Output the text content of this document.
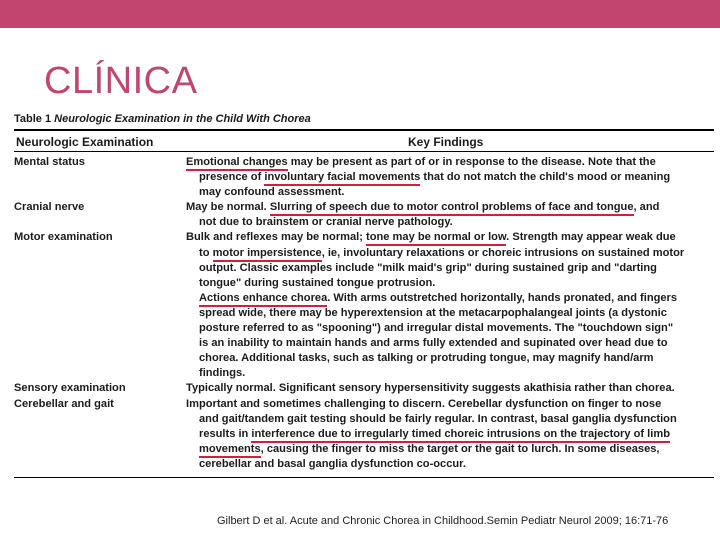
CLÍNICA
Table 1 Neurologic Examination in the Child With Chorea
Neurologic Examination	Key Findings
Mental status	Emotional changes may be present as part of or in response to the disease. Note that the
presence of involuntary facial movements that do not match the child's mood or meaning
may confound assessment.
Cranial nerve	May be normal. Slurring of speech due to motor control problems of face and tongue, and
not due to brainstem or cranial nerve pathology.
Motor examination	Bulk and reflexes may be normal; tone may be normal or low. Strength may appear weak due
to motor impersistence, ie, involuntary relaxations or choreic intrusions on sustained motor
output. Classic examples include "milk maid's grip" during sustained grip and "darting
tongue" during sustained tongue protrusion.
Actions enhance chorea. With arms outstretched horizontally, hands pronated, and fingers
spread wide, there may be hyperextension at the metacarpophalangeal joints (a dystonic
posture referred to as "spooning") and irregular distal movements. The "touchdown sign"
is an inability to maintain hands and arms fully extended and supinated over head due to
chorea. Additional tasks, such as talking or protruding tongue, may magnify hand/arm
findings.
Sensory examination	Typically normal. Significant sensory hypersensitivity suggests akathisia rather than chorea.
Cerebellar and gait	Important and sometimes challenging to discern. Cerebellar dysfunction on finger to nose
and gait/tandem gait testing should be fairly regular. In contrast, basal ganglia dysfunction
results in interference due to irregularly timed choreic intrusions on the trajectory of limb
movements, causing the finger to miss the target or the gait to lurch. In some diseases,
cerebellar and basal ganglia dysfunction co-occur.
Gilbert D et al. Acute and Chronic Chorea in Childhood.Semin Pediatr Neurol 2009; 16:71-76
